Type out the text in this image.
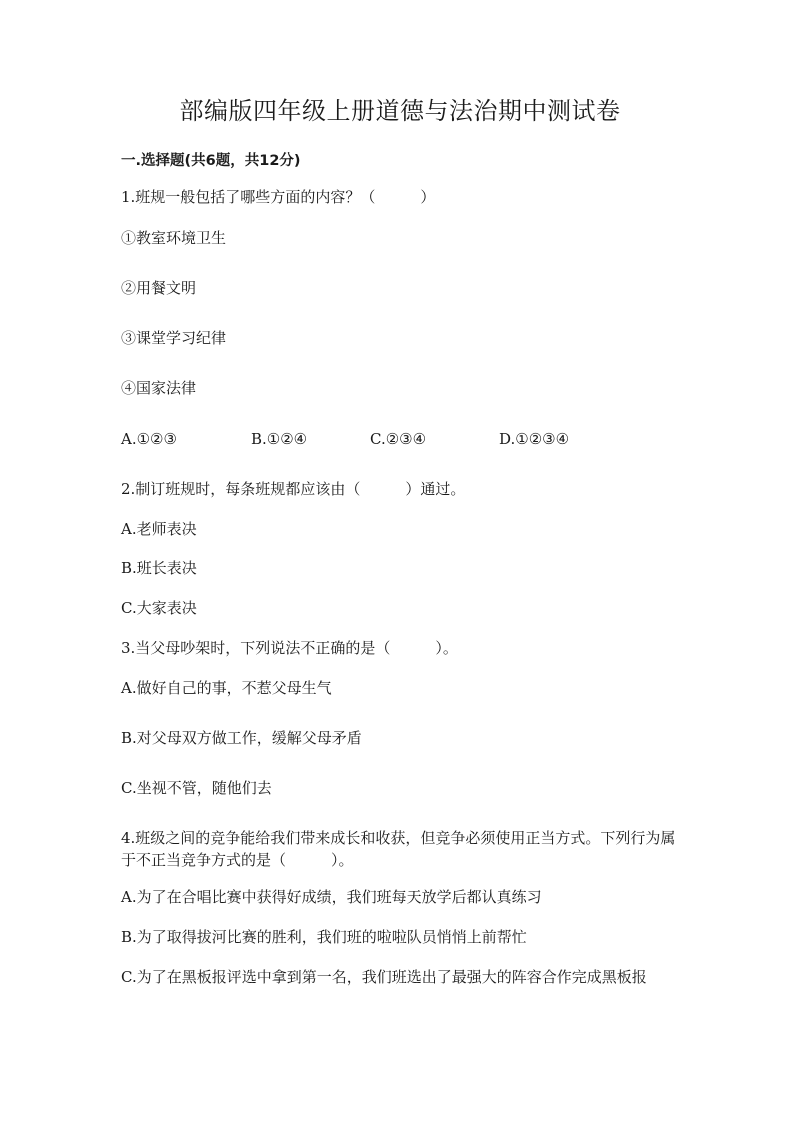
部编版四年级上册道德与法治期中测试卷

一.选择题(共6题，共12分)

1.班规一般包括了哪些方面的内容？（　　　）

①教室环境卫生

②用餐文明

③课堂学习纪律

④国家法律

A.①②③	B.①②④	C.②③④	D.①②③④

2.制订班规时，每条班规都应该由（　　　）通过。

A.老师表决

B.班长表决

C.大家表决

3.当父母吵架时，下列说法不正确的是（　　　）。

A.做好自己的事，不惹父母生气

B.对父母双方做工作，缓解父母矛盾

C.坐视不管，随他们去

4.班级之间的竞争能给我们带来成长和收获，但竞争必须使用正当方式。下列行为属于不正当竞争方式的是（　　　）。

A.为了在合唱比赛中获得好成绩，我们班每天放学后都认真练习

B.为了取得拔河比赛的胜利，我们班的啦啦队员悄悄上前帮忙

C.为了在黑板报评选中拿到第一名，我们班选出了最强大的阵容合作完成黑板报
